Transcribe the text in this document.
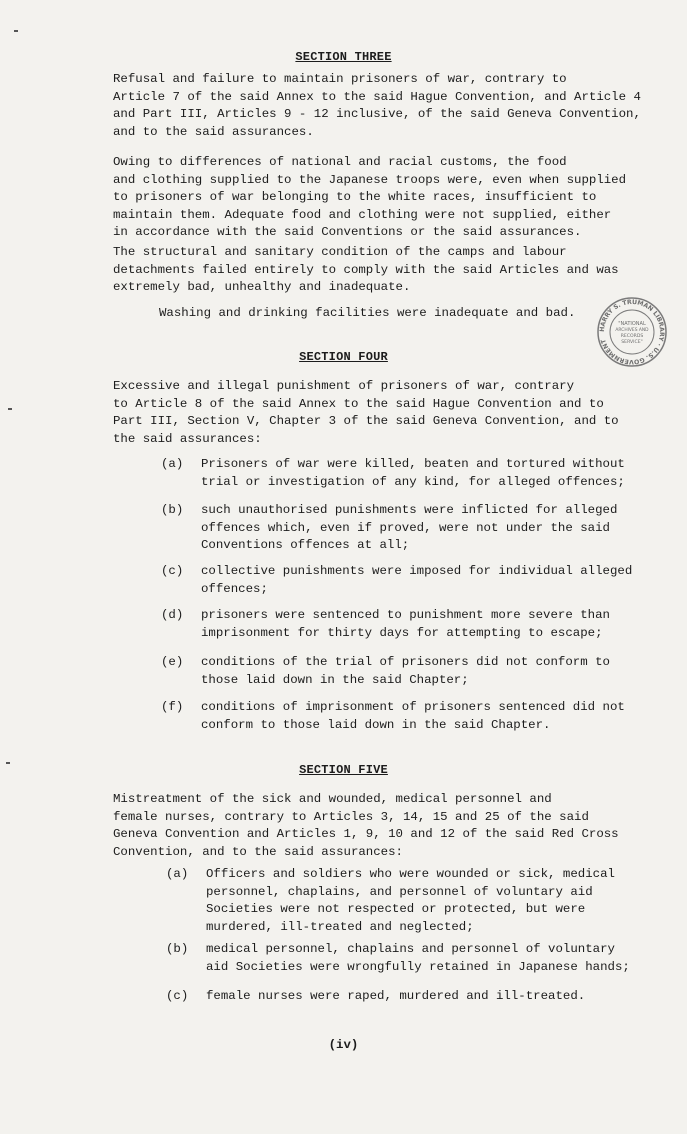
SECTION THREE

Refusal and failure to maintain prisoners of war, contrary to
Article 7 of the said Annex to the said Hague Convention, and Article 4
and Part III, Articles 9 - 12 inclusive, of the said Geneva Convention,
and to the said assurances.

Owing to differences of national and racial customs, the food
and clothing supplied to the Japanese troops were, even when supplied
to prisoners of war belonging to the white races, insufficient to
maintain them. Adequate food and clothing were not supplied, either
in accordance with the said Conventions or the said assurances.

The structural and sanitary condition of the camps and labour
detachments failed entirely to comply with the said Articles and was
extremely bad, unhealthy and inadequate.

Washing and drinking facilities were inadequate and bad.

HARRY S. TRUMAN LIBRARY · U.S. GOVERNMENT
"NATIONAL
ARCHIVES AND
RECORDS
SERVICE"
SECTION FOUR

Excessive and illegal punishment of prisoners of war, contrary
to Article 8 of the said Annex to the said Hague Convention and to
Part III, Section V, Chapter 3 of the said Geneva Convention, and to
the said assurances:

(a) Prisoners of war were killed, beaten and tortured without
trial or investigation of any kind, for alleged offences;
(b) such unauthorised punishments were inflicted for alleged
offences which, even if proved, were not under the said
Conventions offences at all;
(c) collective punishments were imposed for individual alleged
offences;
(d) prisoners were sentenced to punishment more severe than
imprisonment for thirty days for attempting to escape;
(e) conditions of the trial of prisoners did not conform to
those laid down in the said Chapter;
(f) conditions of imprisonment of prisoners sentenced did not
conform to those laid down in the said Chapter.
SECTION FIVE

Mistreatment of the sick and wounded, medical personnel and
female nurses, contrary to Articles 3, 14, 15 and 25 of the said
Geneva Convention and Articles 1, 9, 10 and 12 of the said Red Cross
Convention, and to the said assurances:

(a) Officers and soldiers who were wounded or sick, medical
personnel, chaplains, and personnel of voluntary aid
Societies were not respected or protected, but were
murdered, ill-treated and neglected;
(b) medical personnel, chaplains and personnel of voluntary
aid Societies were wrongfully retained in Japanese hands;
(c) female nurses were raped, murdered and ill-treated.
(iv)
